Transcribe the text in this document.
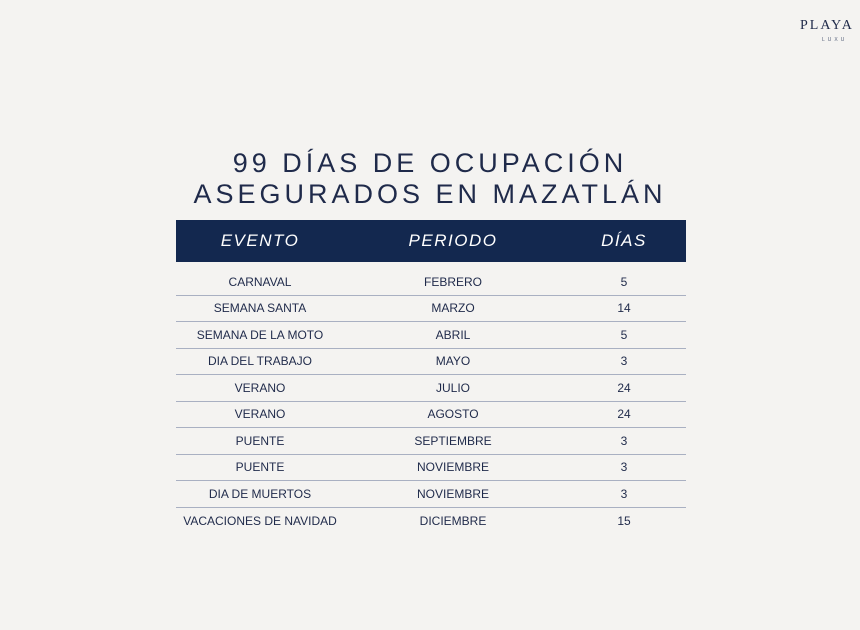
PLAYA
LUXU
99 DÍAS DE OCUPACIÓN
ASEGURADOS EN MAZATLÁN
EVENTO	PERIODO	DÍAS
CARNAVAL	FEBRERO	5
SEMANA SANTA	MARZO	14
SEMANA DE LA MOTO	ABRIL	5
DIA DEL TRABAJO	MAYO	3
VERANO	JULIO	24
VERANO	AGOSTO	24
PUENTE	SEPTIEMBRE	3
PUENTE	NOVIEMBRE	3
DIA DE MUERTOS	NOVIEMBRE	3
VACACIONES DE NAVIDAD	DICIEMBRE	15
